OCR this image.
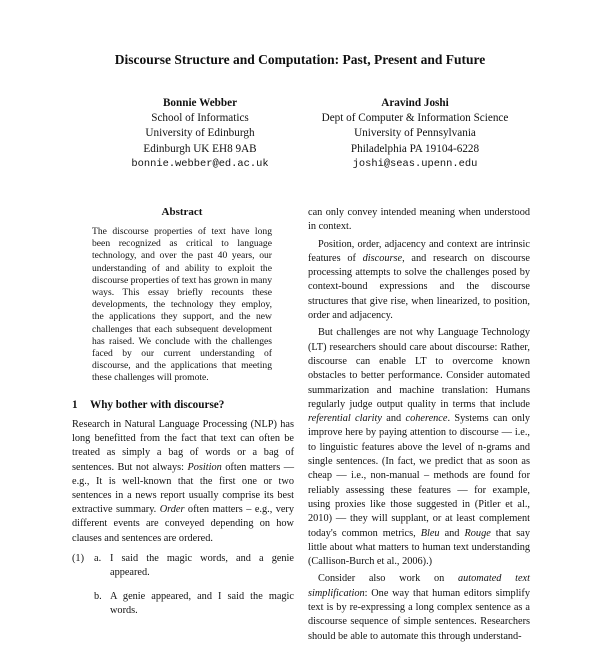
Discourse Structure and Computation: Past, Present and Future
Bonnie Webber
School of Informatics
University of Edinburgh
Edinburgh UK EH8 9AB
bonnie.webber@ed.ac.uk
Aravind Joshi
Dept of Computer & Information Science
University of Pennsylvania
Philadelphia PA 19104-6228
joshi@seas.upenn.edu
Abstract
The discourse properties of text have long been recognized as critical to language technology, and over the past 40 years, our understanding of and ability to exploit the discourse properties of text has grown in many ways. This essay briefly recounts these developments, the technology they employ, the applications they support, and the new challenges that each subsequent development has raised. We conclude with the challenges faced by our current understanding of discourse, and the applications that meeting these challenges will promote.
1 Why bother with discourse?

Research in Natural Language Processing (NLP) has long benefitted from the fact that text can often be treated as simply a bag of words or a bag of sentences. But not always: Position often matters — e.g., It is well-known that the first one or two sentences in a news report usually comprise its best extractive summary. Order often matters – e.g., very different events are conveyed depending on how clauses and sentences are ordered.

(1) a. I said the magic words, and a genie appeared.
b. A genie appeared, and I said the magic words.

can only convey intended meaning when understood in context.

Position, order, adjacency and context are intrinsic features of discourse, and research on discourse processing attempts to solve the challenges posed by context-bound expressions and the discourse structures that give rise, when linearized, to position, order and adjacency.

But challenges are not why Language Technology (LT) researchers should care about discourse: Rather, discourse can enable LT to overcome known obstacles to better performance. Consider automated summarization and machine translation: Humans regularly judge output quality in terms that include referential clarity and coherence. Systems can only improve here by paying attention to discourse — i.e., to linguistic features above the level of n-grams and single sentences. (In fact, we predict that as soon as cheap — i.e., non-manual – methods are found for reliably assessing these features — for example, using proxies like those suggested in (Pitler et al., 2010) — they will supplant, or at least complement today's common metrics, Bleu and Rouge that say little about what matters to human text understanding (Callison-Burch et al., 2006).)

Consider also work on automated text simplification: One way that human editors simplify text is by re-expressing a long complex sentence as a discourse sequence of simple sentences. Researchers should be able to automate this through understand-
